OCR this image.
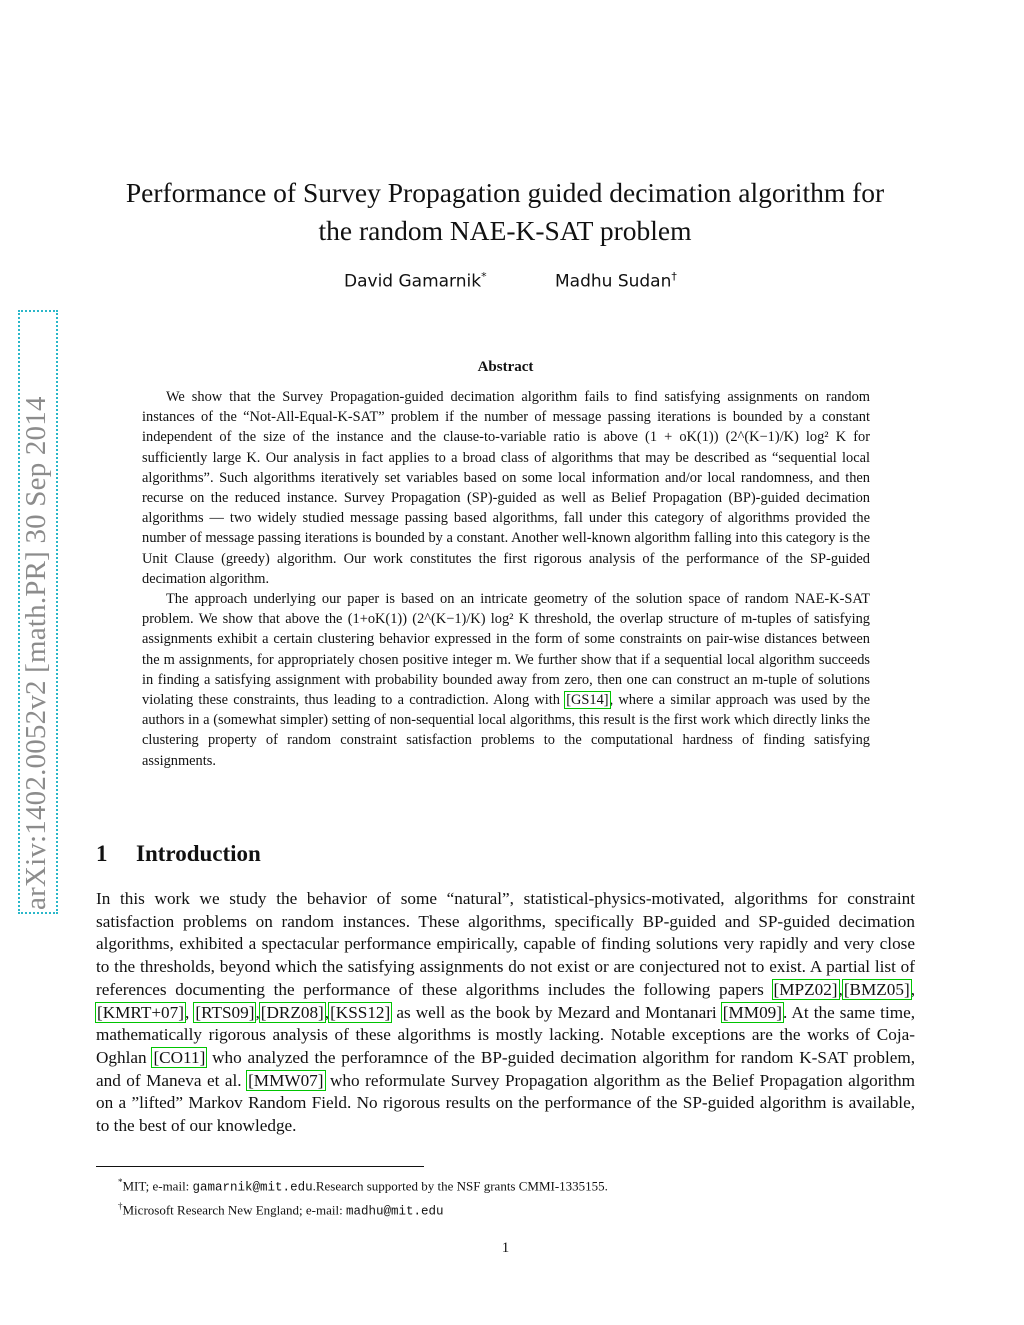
arXiv:1402.0052v2 [math.PR] 30 Sep 2014
Performance of Survey Propagation guided decimation algorithm for
the random NAE-K-SAT problem
David Gamarnik*	Madhu Sudan†
Abstract

We show that the Survey Propagation-guided decimation algorithm fails to find satisfying assignments on random instances of the “Not-All-Equal-K-SAT” problem if the number of message passing iterations is bounded by a constant independent of the size of the instance and the clause-to-variable ratio is above (1 + oK(1)) (2^(K−1)/K) log² K for sufficiently large K. Our analysis in fact applies to a broad class of algorithms that may be described as “sequential local algorithms”. Such algorithms iteratively set variables based on some local information and/or local randomness, and then recurse on the reduced instance. Survey Propagation (SP)-guided as well as Belief Propagation (BP)-guided decimation algorithms — two widely studied message passing based algorithms, fall under this category of algorithms provided the number of message passing iterations is bounded by a constant. Another well-known algorithm falling into this category is the Unit Clause (greedy) algorithm. Our work constitutes the first rigorous analysis of the performance of the SP-guided decimation algorithm.

The approach underlying our paper is based on an intricate geometry of the solution space of random NAE-K-SAT problem. We show that above the (1+oK(1)) (2^(K−1)/K) log² K threshold, the overlap structure of m-tuples of satisfying assignments exhibit a certain clustering behavior expressed in the form of some constraints on pair-wise distances between the m assignments, for appropriately chosen positive integer m. We further show that if a sequential local algorithm succeeds in finding a satisfying assignment with probability bounded away from zero, then one can construct an m-tuple of solutions violating these constraints, thus leading to a contradiction. Along with [GS14], where a similar approach was used by the authors in a (somewhat simpler) setting of non-sequential local algorithms, this result is the first work which directly links the clustering property of random constraint satisfaction problems to the computational hardness of finding satisfying assignments.

1 Introduction

In this work we study the behavior of some “natural”, statistical-physics-motivated, algorithms for constraint satisfaction problems on random instances. These algorithms, specifically BP-guided and SP-guided decimation algorithms, exhibited a spectacular performance empirically, capable of finding solutions very rapidly and very close to the thresholds, beyond which the satisfying assignments do not exist or are conjectured not to exist. A partial list of references documenting the performance of these algorithms includes the following papers [MPZ02],[BMZ05],[KMRT+07], [RTS09],[DRZ08],[KSS12] as well as the book by Mezard and Montanari [MM09]. At the same time, mathematically rigorous analysis of these algorithms is mostly lacking. Notable exceptions are the works of Coja-Oghlan [CO11] who analyzed the perforamnce of the BP-guided decimation algorithm for random K-SAT problem, and of Maneva et al. [MMW07] who reformulate Survey Propagation algorithm as the Belief Propagation algorithm on a ”lifted” Markov Random Field. No rigorous results on the performance of the SP-guided algorithm is available, to the best of our knowledge.

*MIT; e-mail: gamarnik@mit.edu.Research supported by the NSF grants CMMI-1335155.
†Microsoft Research New England; e-mail: madhu@mit.edu
1
